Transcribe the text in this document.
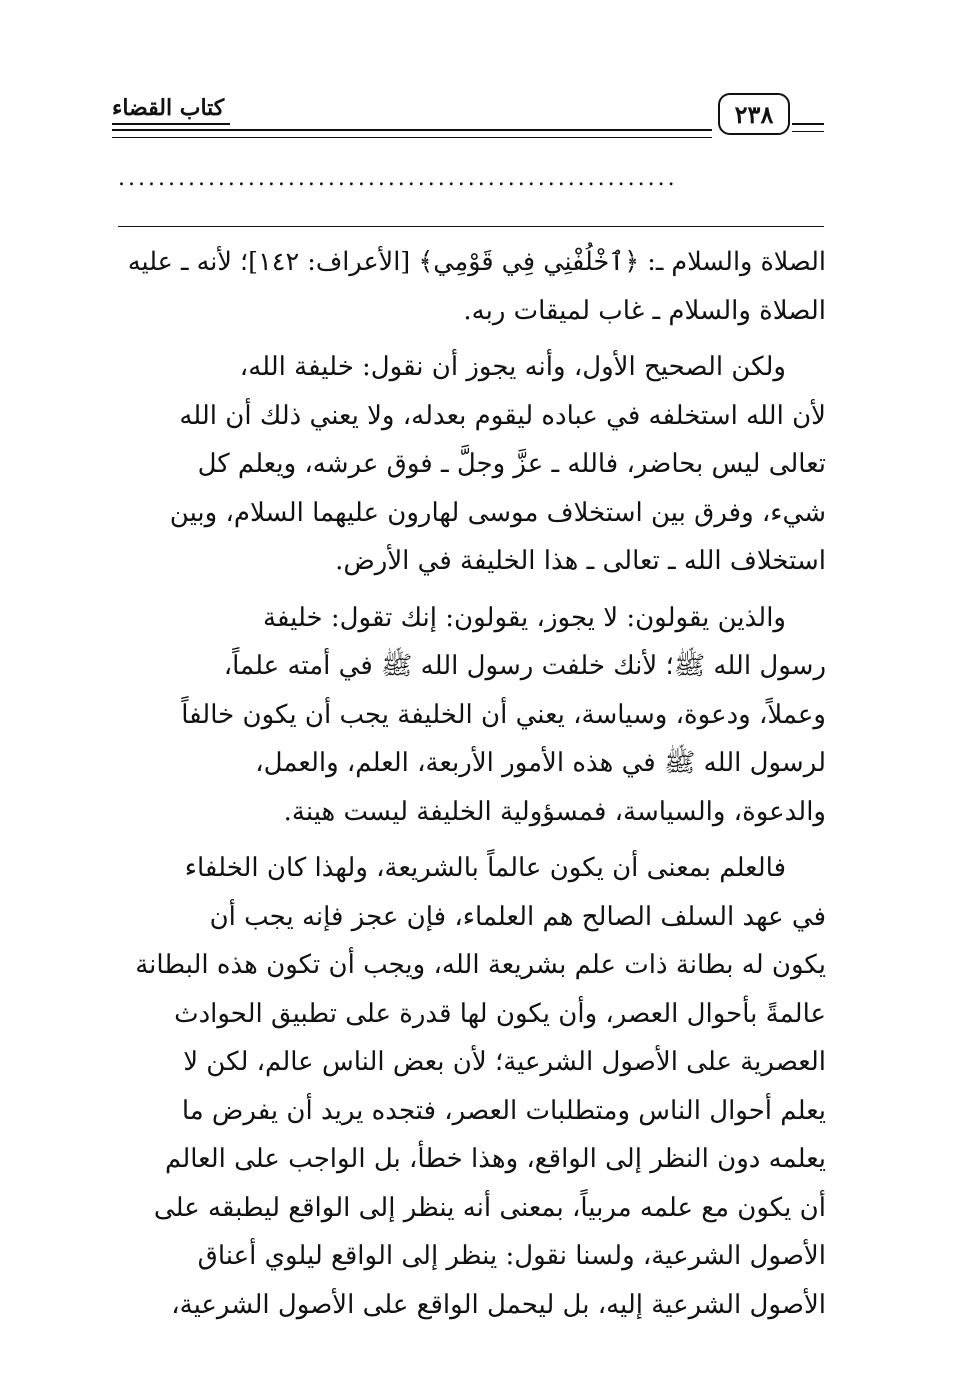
كتاب القضاء	٢٣٨
........................................................
الصلاة والسلام ـ: ﴿ٱخْلُفْنِي فِي قَوْمِي﴾ [الأعراف: ١٤٢]؛ لأنه ـ عليه
الصلاة والسلام ـ غاب لميقات ربه.
ولكن الصحيح الأول، وأنه يجوز أن نقول: خليفة الله،
لأن الله استخلفه في عباده ليقوم بعدله، ولا يعني ذلك أن الله
تعالى ليس بحاضر، فالله ـ عزَّ وجلَّ ـ فوق عرشه، ويعلم كل
شيء، وفرق بين استخلاف موسى لهارون عليهما السلام، وبين
استخلاف الله ـ تعالى ـ هذا الخليفة في الأرض.
والذين يقولون: لا يجوز، يقولون: إنك تقول: خليفة
رسول الله ﷺ؛ لأنك خلفت رسول الله ﷺ في أمته علماً،
وعملاً، ودعوة، وسياسة، يعني أن الخليفة يجب أن يكون خالفاً
لرسول الله ﷺ في هذه الأمور الأربعة، العلم، والعمل،
والدعوة، والسياسة، فمسؤولية الخليفة ليست هينة.
فالعلم بمعنى أن يكون عالماً بالشريعة، ولهذا كان الخلفاء
في عهد السلف الصالح هم العلماء، فإن عجز فإنه يجب أن
يكون له بطانة ذات علم بشريعة الله، ويجب أن تكون هذه البطانة
عالمةً بأحوال العصر، وأن يكون لها قدرة على تطبيق الحوادث
العصرية على الأصول الشرعية؛ لأن بعض الناس عالم، لكن لا
يعلم أحوال الناس ومتطلبات العصر، فتجده يريد أن يفرض ما
يعلمه دون النظر إلى الواقع، وهذا خطأ، بل الواجب على العالم
أن يكون مع علمه مربياً، بمعنى أنه ينظر إلى الواقع ليطبقه على
الأصول الشرعية، ولسنا نقول: ينظر إلى الواقع ليلوي أعناق
الأصول الشرعية إليه، بل ليحمل الواقع على الأصول الشرعية،
